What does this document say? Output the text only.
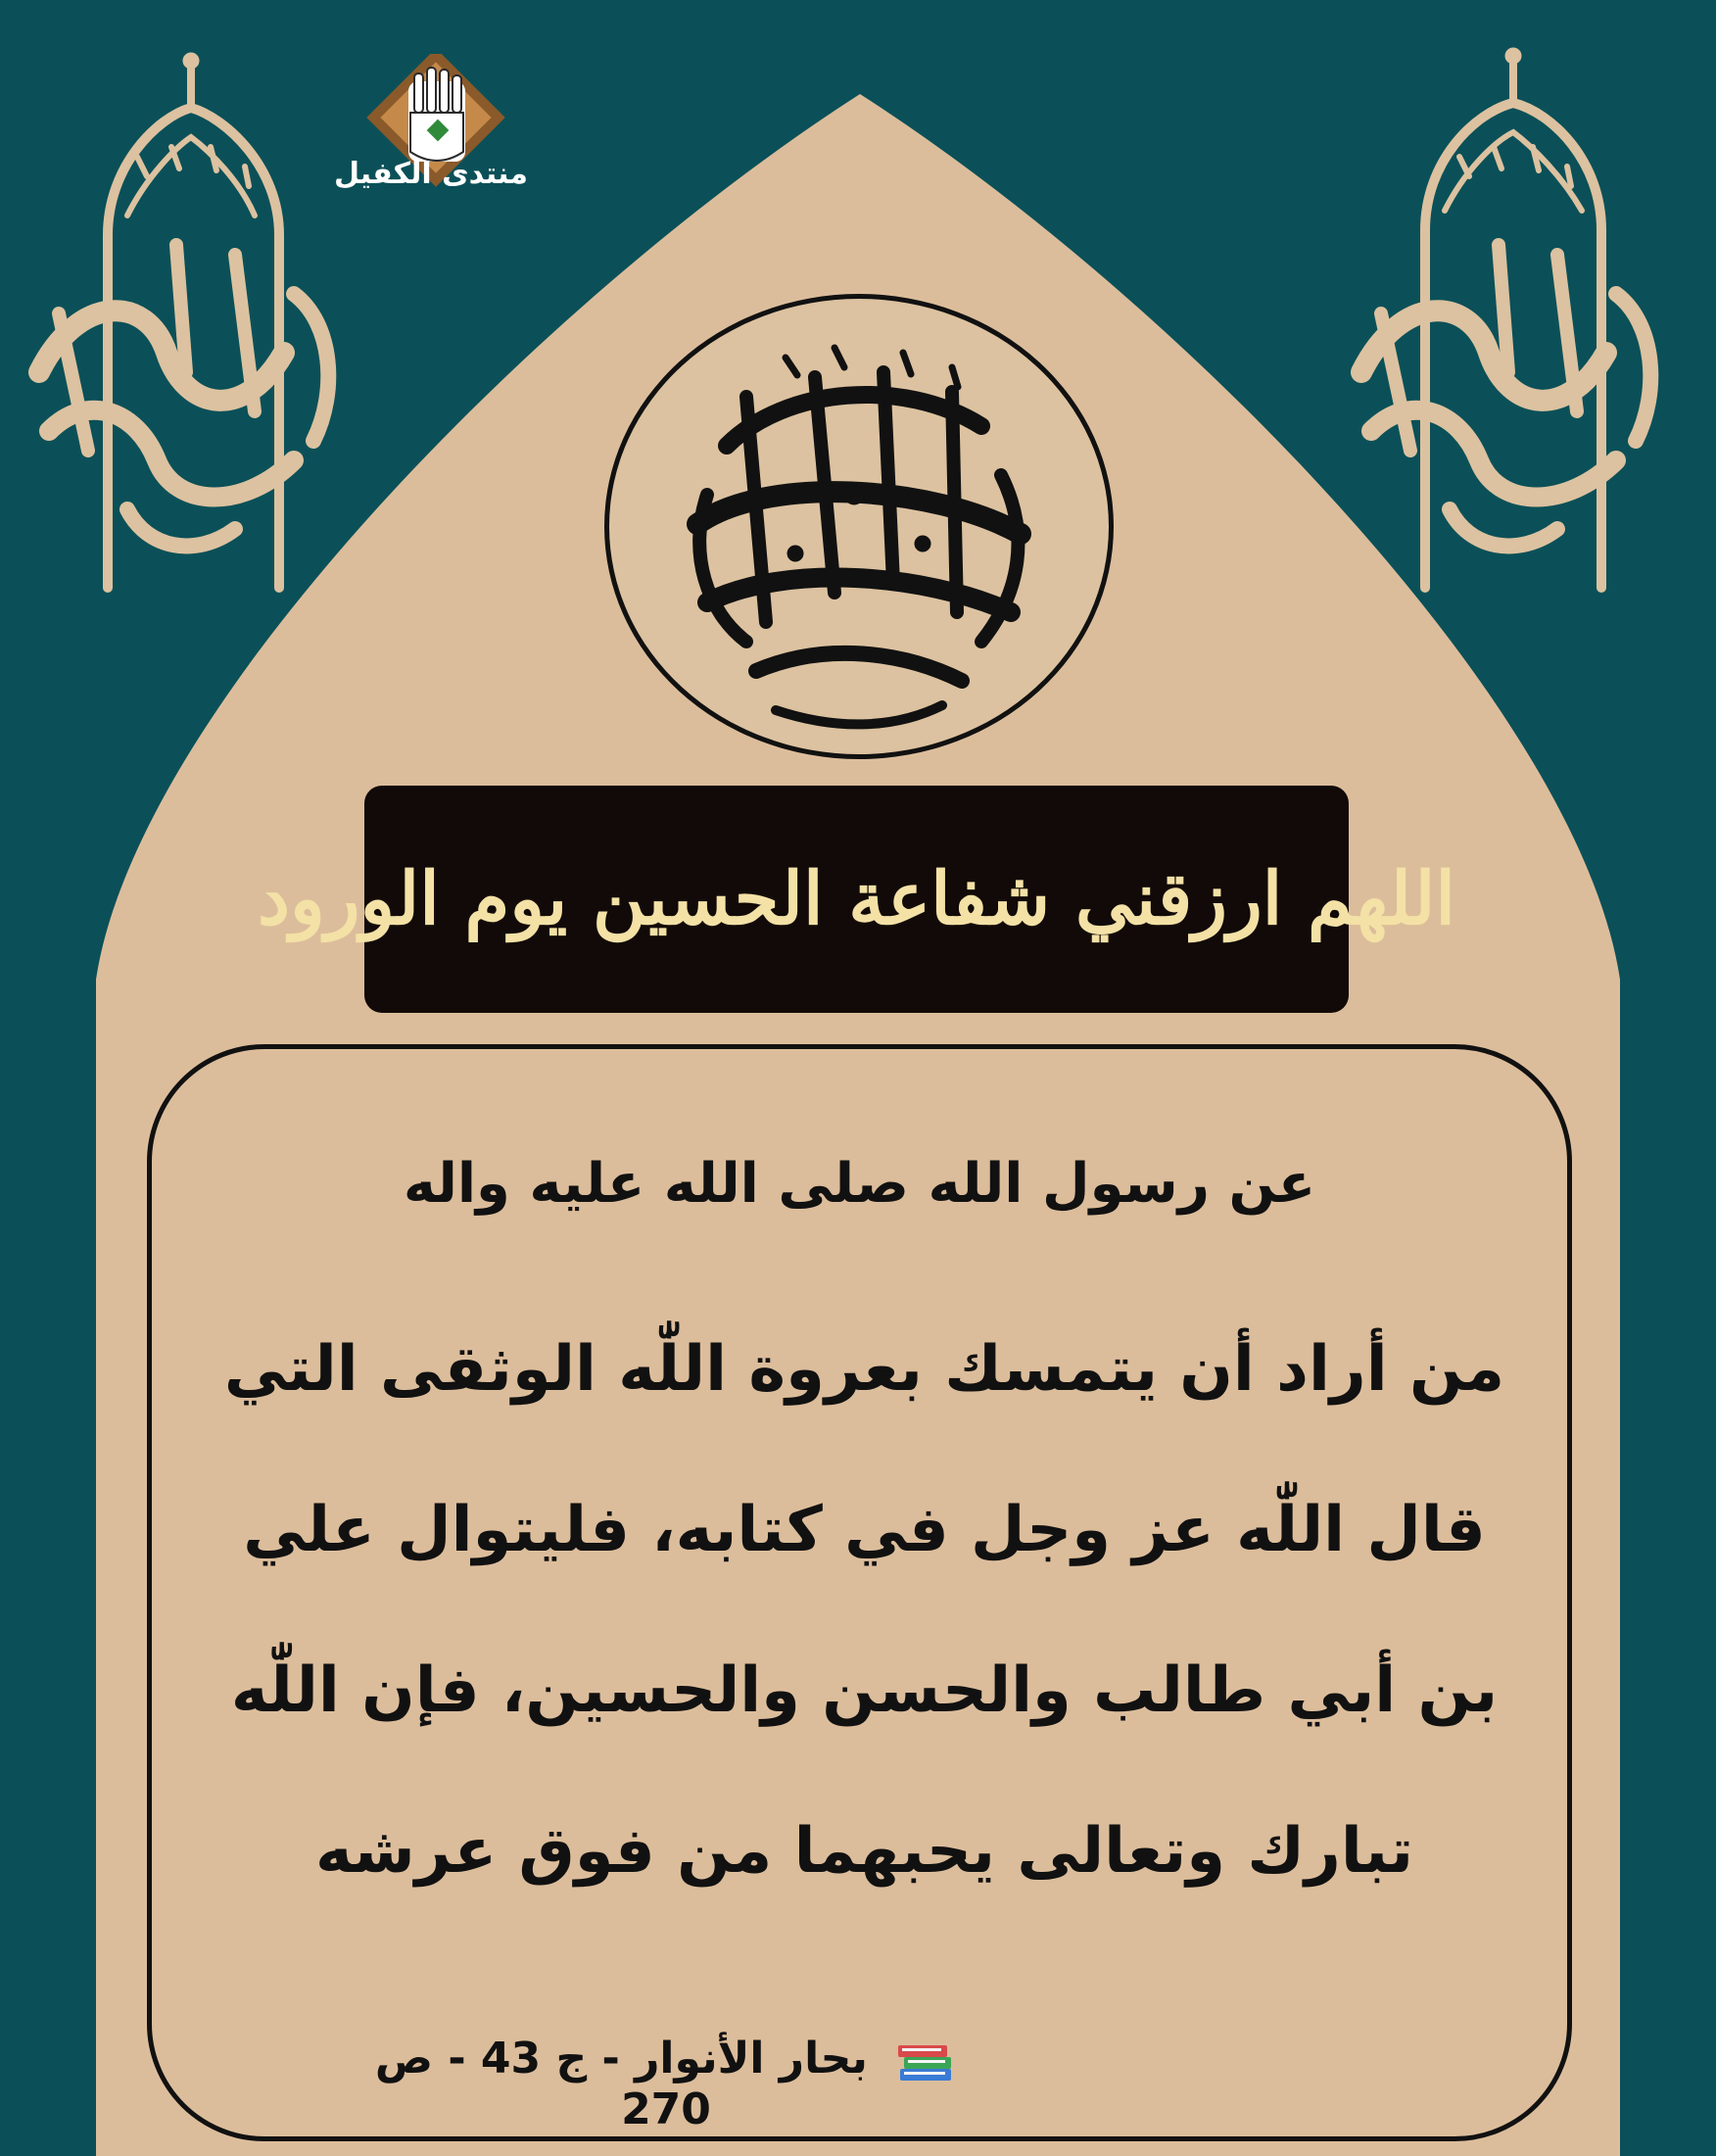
منتدى الكفيل
اللهم ارزقني شفاعة الحسين يوم الورود
عن رسول الله صلى الله عليه واله
من أراد أن يتمسك بعروة اللّٰه الوثقى التي
قال اللّٰه عز وجل في كتابه، فليتوال علي
بن أبي طالب والحسن والحسين، فإن اللّٰه
تبارك وتعالى يحبهما من فوق عرشه
بحار الأنوار - ج 43 - ص 270
